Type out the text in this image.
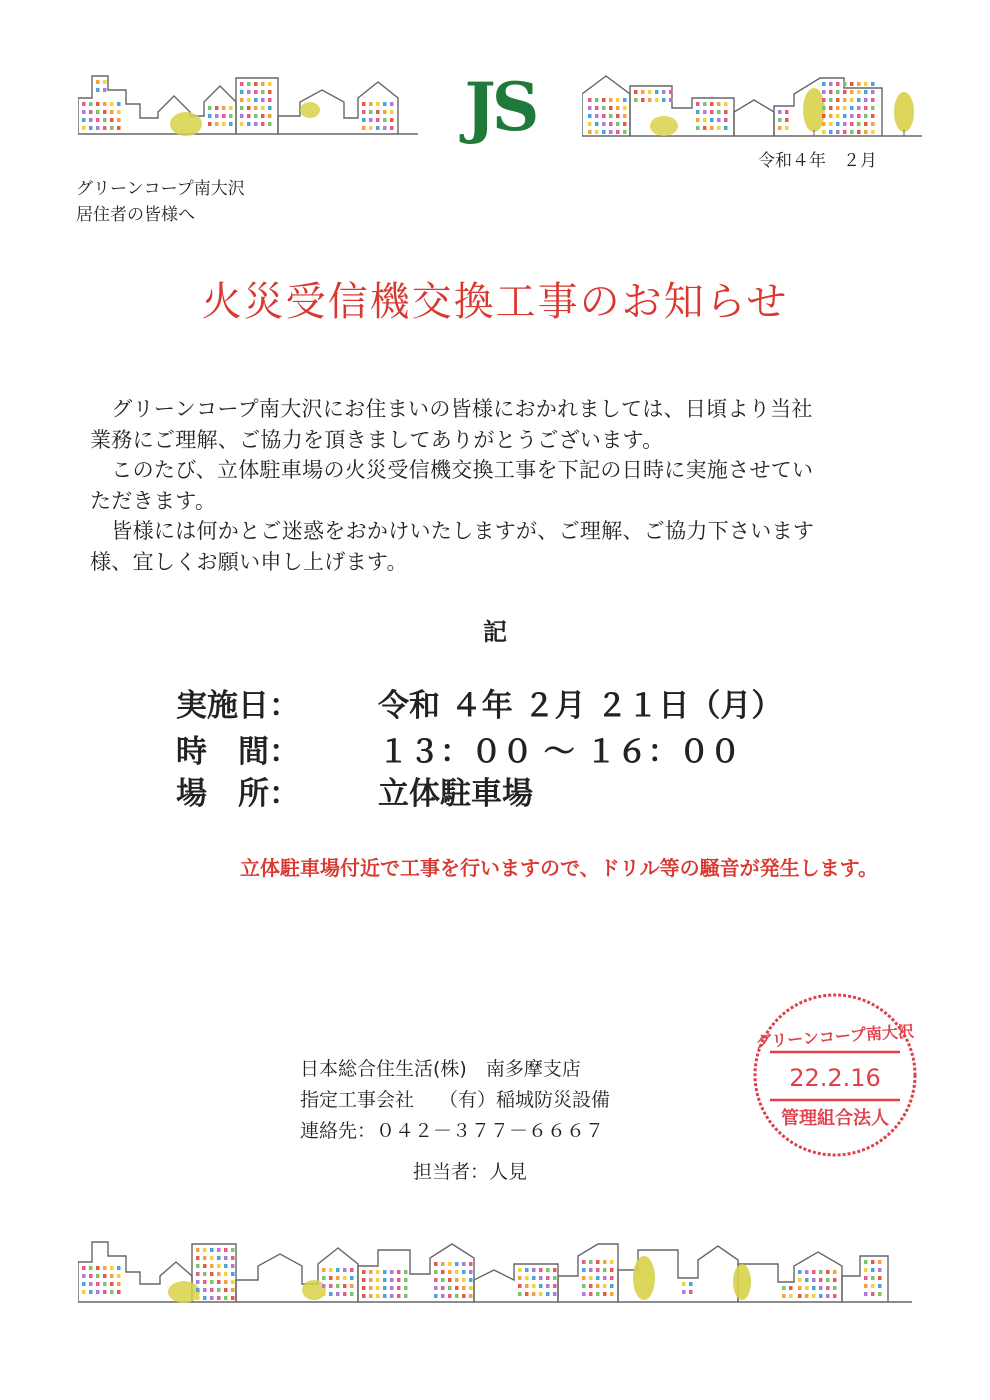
JS
令和４年　２月
グリーンコープ南大沢
居住者の皆様へ
火災受信機交換工事のお知らせ
　グリーンコープ南大沢にお住まいの皆様におかれましては、日頃より当社
業務にご理解、ご協力を頂きましてありがとうございます。
　このたび、立体駐車場の火災受信機交換工事を下記の日時に実施させてい
ただきます。
　皆様には何かとご迷惑をおかけいたしますが、ご理解、ご協力下さいます
様、宜しくお願い申し上げます。
記
実施日：	令和 ４年 ２月 ２１日（月）
時　間：	１３：００ ～ １６：００
場　所：	立体駐車場
立体駐車場付近で工事を行いますので、ドリル等の騒音が発生します。
日本総合住生活(株)　南多摩支店
指定工事会社　 （有）稲城防災設備
連絡先：０４２－３７７－６６６７
担当者：人見
グリーンコープ南大沢
22.2.16
管理組合法人
